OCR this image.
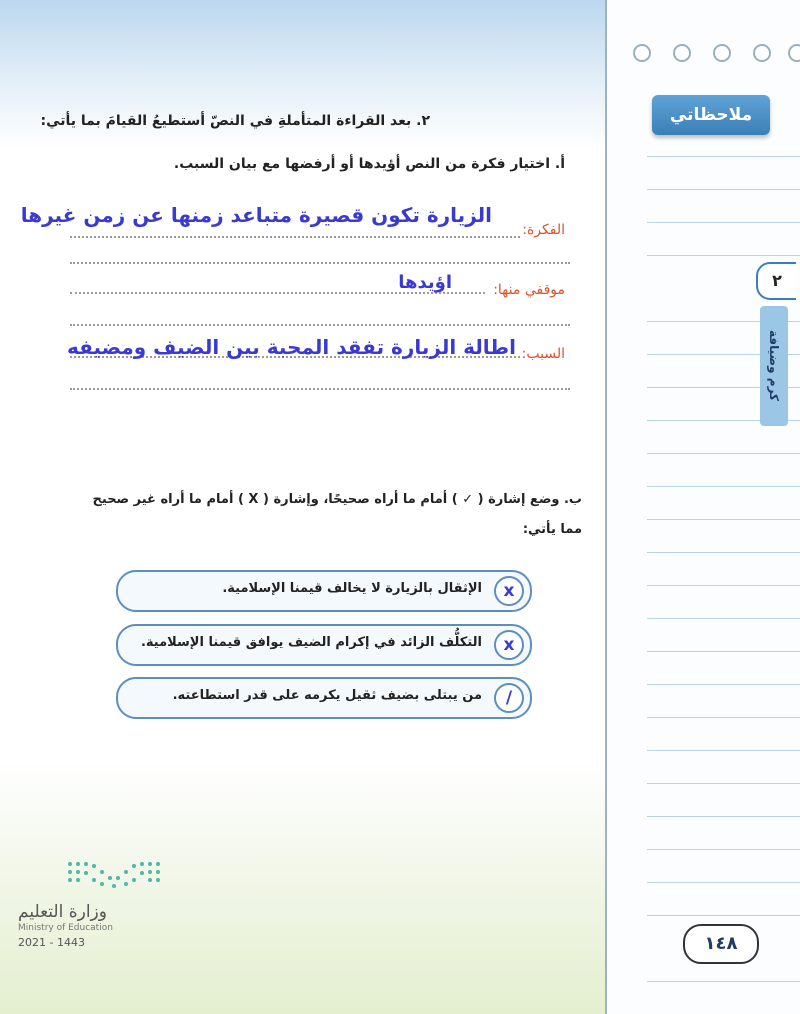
ملاحظاتي
٢
كرم وضيافة
١٤٨
٢. بعد القراءة المتأملةِ في النصّ أستطيعُ القيامَ بما يأتي:
أ. اختيار فكرة من النص أؤيدها أو أرفضها مع بيان السبب.
الفكرة:
الزيارة تكون قصيرة متباعد زمنها عن زمن غيرها
موقفي منها:
اؤيدها
السبب:
اطالة الزيارة تفقد المحبة بين الضيف ومضيفه
ب. وضع إشارة ( ✓ ) أمام ما أراه صحيحًا، وإشارة ( X ) أمام ما أراه غير صحيح
مما يأتي:
x
الإثقال بالزيارة لا يخالف قيمنا الإسلامية.
x
التكلُّف الزائد في إكرام الضيف يوافق قيمنا الإسلامية.
/
من يبتلى بضيف ثقيل يكرمه على قدر استطاعته.
وزارة التعليم
Ministry of Education
2021 - 1443
